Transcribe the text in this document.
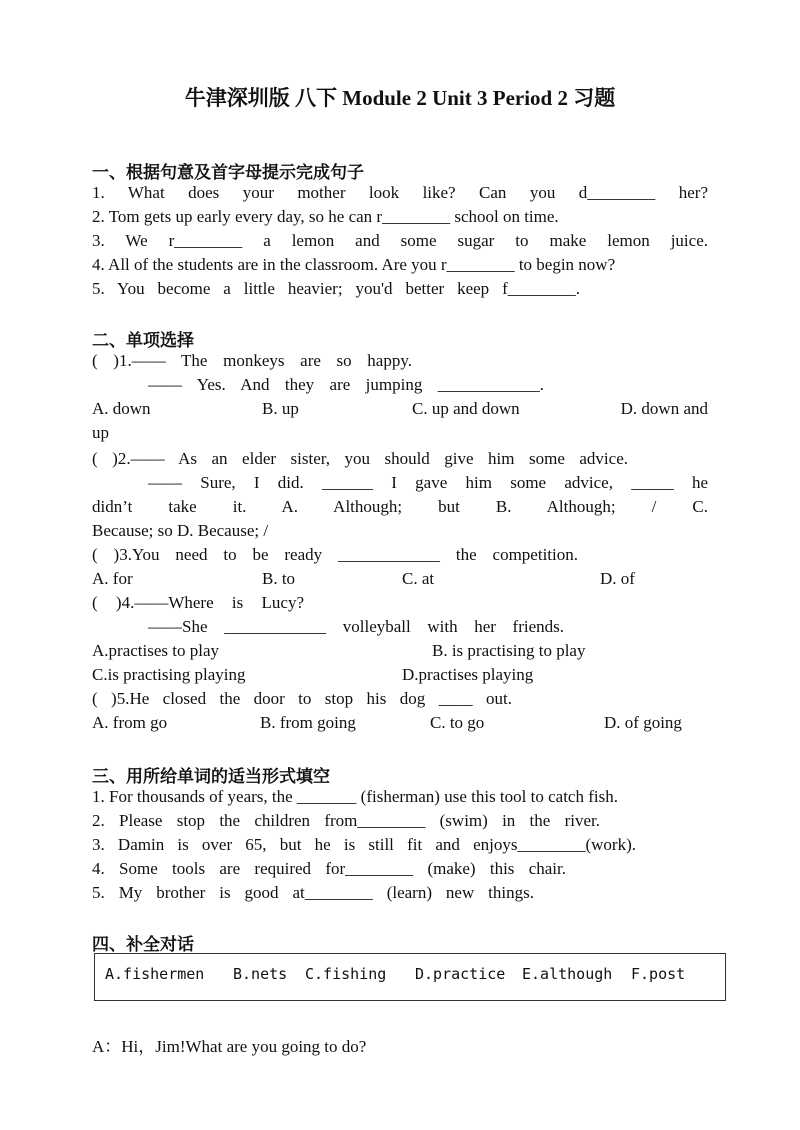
牛津深圳版 八下 Module 2 Unit 3 Period 2 习题
一、根据句意及首字母提示完成句子

1. What does your mother look like? Can you d________ her?

2. Tom gets up early every day, so he can r________ school on time.

3. We r________ a lemon and some sugar to make lemon juice.

4. All of the students are in the classroom. Are you r________ to begin now?

5. You become a little heavier; you'd better keep f________.

二、单项选择

( )1.—— The monkeys are so happy.

—— Yes. And they are jumping ____________.

A. down	B. up	C. up and down	D. down and

up

( )2.—— As an elder sister, you should give him some advice.

—— Sure, I did. ______ I gave him some advice, _____ he

didn’t take it. A. Although; but B. Although; / C.

Because; so D. Because; /

( )3.You need to be ready ____________ the competition.

A. for	B. to	C. at	D. of

( )4.——Where is Lucy?

——She ____________ volleyball with her friends.

A.practises to play	B. is practising to play
C.is practising playing	D.practises playing

( )5.He closed the door to stop his dog ____ out.

A. from go	B. from going	C. to go	D. of going
三、用所给单词的适当形式填空

1. For thousands of years, the _______ (fisherman) use this tool to catch fish.

2. Please stop the children from________ (swim) in the river.

3. Damin is over 65, but he is still fit and enjoys________(work).

4. Some tools are required for________ (make) this chair.

5. My brother is good at________ (learn) new things.

四、补全对话
A.fishermen B.nets C.fishing D.practice E.although F.post

A：Hi，Jim!What are you going to do?
